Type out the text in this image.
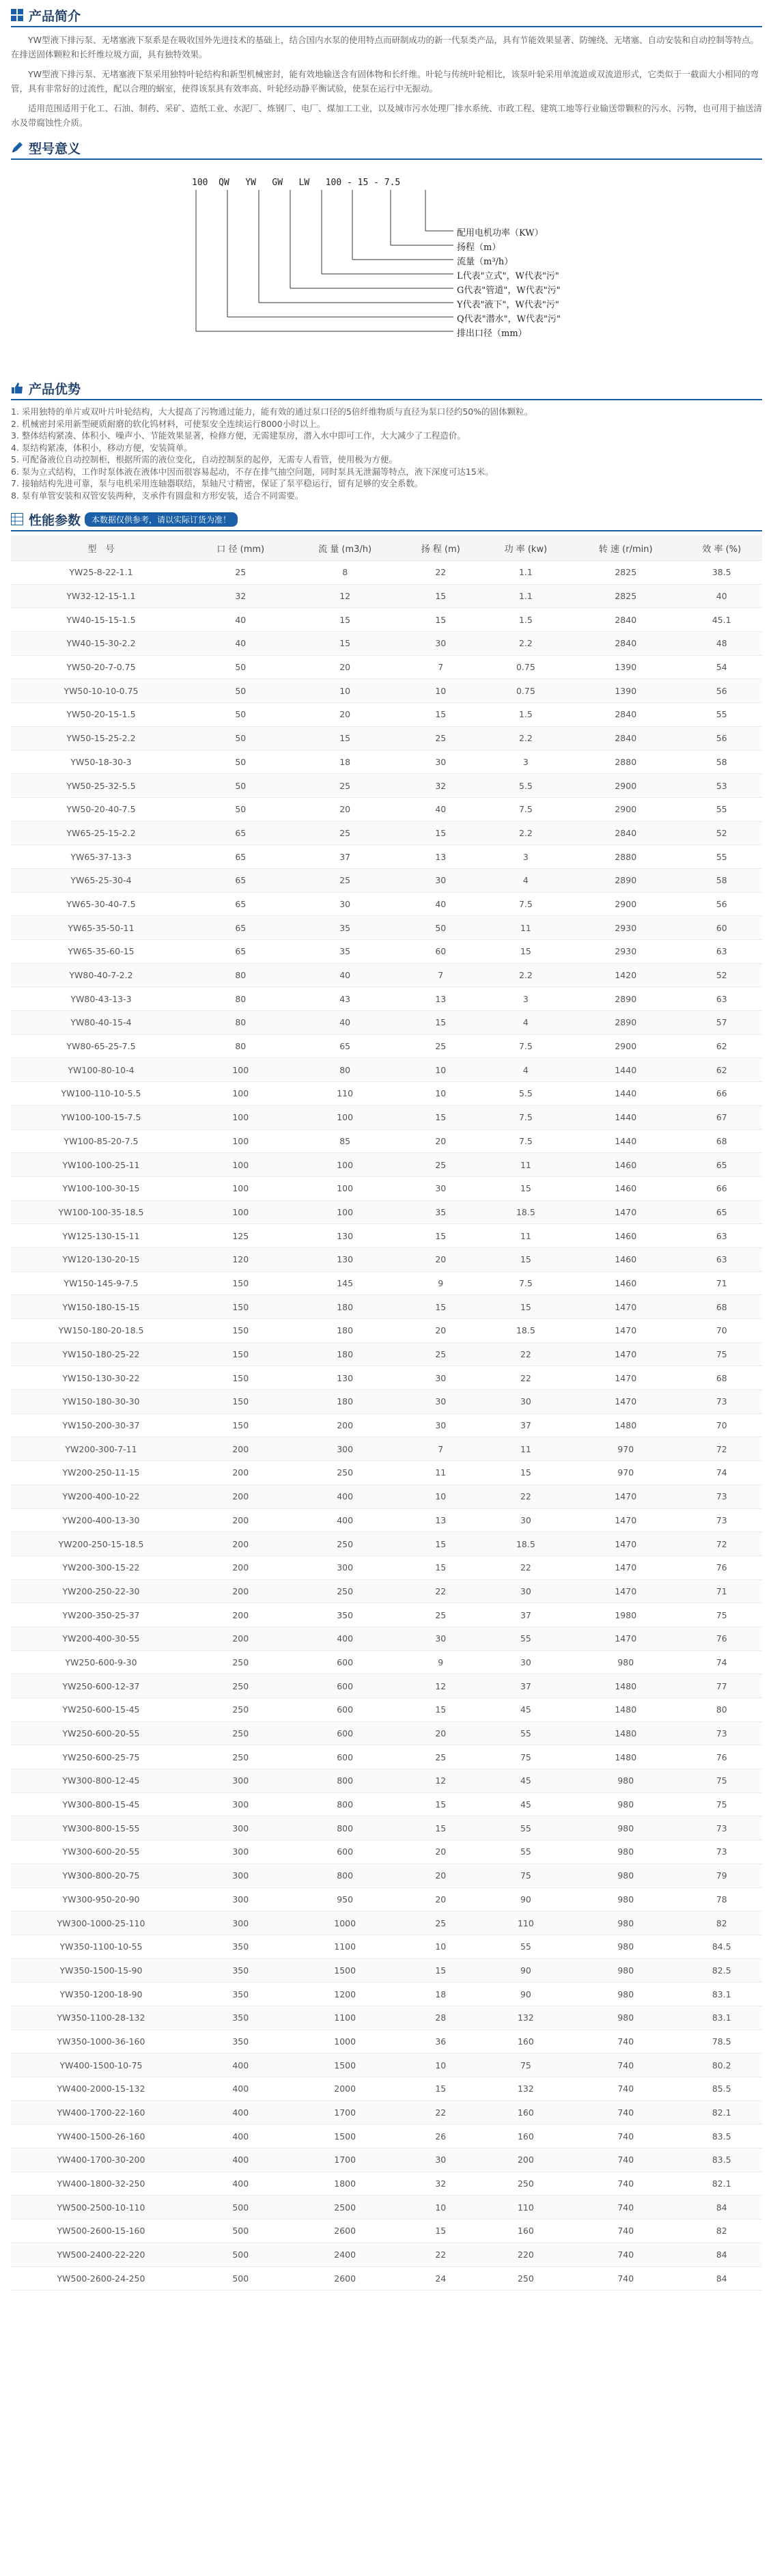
产品简介

YW型液下排污泵、无堵塞液下泵系是在吸收国外先进技术的基础上，结合国内水泵的使用特点而研制成功的新一代泵类产品，具有节能效果显著、防缠绕、无堵塞、自动安装和自动控制等特点。在排送固体颗粒和长纤维垃圾方面，具有独特效果。

YW型液下排污泵、无堵塞液下泵采用独特叶轮结构和新型机械密封，能有效地输送含有固体物和长纤维。叶轮与传统叶轮相比，该泵叶轮采用单流道或双流道形式，它类似于一截面大小相同的弯管，具有非常好的过流性，配以合理的蜗室，使得该泵具有效率高、叶轮经动静平衡试验，使泵在运行中无振动。

适用范围适用于化工、石油、制药、采矿、造纸工业、水泥厂、炼钢厂、电厂、煤加工工业，以及城市污水处理厂排水系统、市政工程、建筑工地等行业输送带颗粒的污水、污物，也可用于抽送清水及带腐蚀性介质。

型号意义
100  QW   YW   GW   LW   100 - 15 - 7.5
配用电机功率（KW）
扬程（m）
流量（m³/h）
L代表"立式"，W代表"污"
G代表"管道"，W代表"污"
Y代表"液下"，W代表"污"
Q代表"潜水"，W代表"污"
排出口径（mm）
产品优势
1. 采用独特的单片或双叶片叶轮结构，大大提高了污物通过能力，能有效的通过泵口径的5倍纤维物质与直径为泵口径约50%的固体颗粒。
2. 机械密封采用新型硬质耐磨的软化钨材料，可使泵安全连续运行8000小时以上。
3. 整体结构紧凑、体积小、噪声小、节能效果显著，检修方便，无需建泵房，潜入水中即可工作，大大减少了工程造价。
4. 泵结构紧凑，体积小，移动方便，安装简单。
5. 可配备液位自动控制柜，根据所需的液位变化，自动控制泵的起停，无需专人看管，使用极为方便。
6. 泵为立式结构，工作时泵体液在液体中因而很容易起动，不存在排气抽空问题，同时泵具无泄漏等特点，液下深度可达15米。
7. 接轴结构先进可靠，泵与电机采用连轴器联结，泵轴尺寸精密，保证了泵平稳运行，留有足够的安全系数。
8. 泵有单管安装和双管安装两种，支承件有圆盘和方形安装，适合不同需要。
性能参数	本数据仅供参考，请以实际订货为准！
型　号	口 径 (mm)	流 量 (m3/h)	扬 程 (m)	功 率 (kw)	转 速 (r/min)	效 率 (%)
YW25-8-22-1.1	25	8	22	1.1	2825	38.5
YW32-12-15-1.1	32	12	15	1.1	2825	40
YW40-15-15-1.5	40	15	15	1.5	2840	45.1
YW40-15-30-2.2	40	15	30	2.2	2840	48
YW50-20-7-0.75	50	20	7	0.75	1390	54
YW50-10-10-0.75	50	10	10	0.75	1390	56
YW50-20-15-1.5	50	20	15	1.5	2840	55
YW50-15-25-2.2	50	15	25	2.2	2840	56
YW50-18-30-3	50	18	30	3	2880	58
YW50-25-32-5.5	50	25	32	5.5	2900	53
YW50-20-40-7.5	50	20	40	7.5	2900	55
YW65-25-15-2.2	65	25	15	2.2	2840	52
YW65-37-13-3	65	37	13	3	2880	55
YW65-25-30-4	65	25	30	4	2890	58
YW65-30-40-7.5	65	30	40	7.5	2900	56
YW65-35-50-11	65	35	50	11	2930	60
YW65-35-60-15	65	35	60	15	2930	63
YW80-40-7-2.2	80	40	7	2.2	1420	52
YW80-43-13-3	80	43	13	3	2890	63
YW80-40-15-4	80	40	15	4	2890	57
YW80-65-25-7.5	80	65	25	7.5	2900	62
YW100-80-10-4	100	80	10	4	1440	62
YW100-110-10-5.5	100	110	10	5.5	1440	66
YW100-100-15-7.5	100	100	15	7.5	1440	67
YW100-85-20-7.5	100	85	20	7.5	1440	68
YW100-100-25-11	100	100	25	11	1460	65
YW100-100-30-15	100	100	30	15	1460	66
YW100-100-35-18.5	100	100	35	18.5	1470	65
YW125-130-15-11	125	130	15	11	1460	63
YW120-130-20-15	120	130	20	15	1460	63
YW150-145-9-7.5	150	145	9	7.5	1460	71
YW150-180-15-15	150	180	15	15	1470	68
YW150-180-20-18.5	150	180	20	18.5	1470	70
YW150-180-25-22	150	180	25	22	1470	75
YW150-130-30-22	150	130	30	22	1470	68
YW150-180-30-30	150	180	30	30	1470	73
YW150-200-30-37	150	200	30	37	1480	70
YW200-300-7-11	200	300	7	11	970	72
YW200-250-11-15	200	250	11	15	970	74
YW200-400-10-22	200	400	10	22	1470	73
YW200-400-13-30	200	400	13	30	1470	73
YW200-250-15-18.5	200	250	15	18.5	1470	72
YW200-300-15-22	200	300	15	22	1470	76
YW200-250-22-30	200	250	22	30	1470	71
YW200-350-25-37	200	350	25	37	1980	75
YW200-400-30-55	200	400	30	55	1470	76
YW250-600-9-30	250	600	9	30	980	74
YW250-600-12-37	250	600	12	37	1480	77
YW250-600-15-45	250	600	15	45	1480	80
YW250-600-20-55	250	600	20	55	1480	73
YW250-600-25-75	250	600	25	75	1480	76
YW300-800-12-45	300	800	12	45	980	75
YW300-800-15-45	300	800	15	45	980	75
YW300-800-15-55	300	800	15	55	980	73
YW300-600-20-55	300	600	20	55	980	73
YW300-800-20-75	300	800	20	75	980	79
YW300-950-20-90	300	950	20	90	980	78
YW300-1000-25-110	300	1000	25	110	980	82
YW350-1100-10-55	350	1100	10	55	980	84.5
YW350-1500-15-90	350	1500	15	90	980	82.5
YW350-1200-18-90	350	1200	18	90	980	83.1
YW350-1100-28-132	350	1100	28	132	980	83.1
YW350-1000-36-160	350	1000	36	160	740	78.5
YW400-1500-10-75	400	1500	10	75	740	80.2
YW400-2000-15-132	400	2000	15	132	740	85.5
YW400-1700-22-160	400	1700	22	160	740	82.1
YW400-1500-26-160	400	1500	26	160	740	83.5
YW400-1700-30-200	400	1700	30	200	740	83.5
YW400-1800-32-250	400	1800	32	250	740	82.1
YW500-2500-10-110	500	2500	10	110	740	84
YW500-2600-15-160	500	2600	15	160	740	82
YW500-2400-22-220	500	2400	22	220	740	84
YW500-2600-24-250	500	2600	24	250	740	84
